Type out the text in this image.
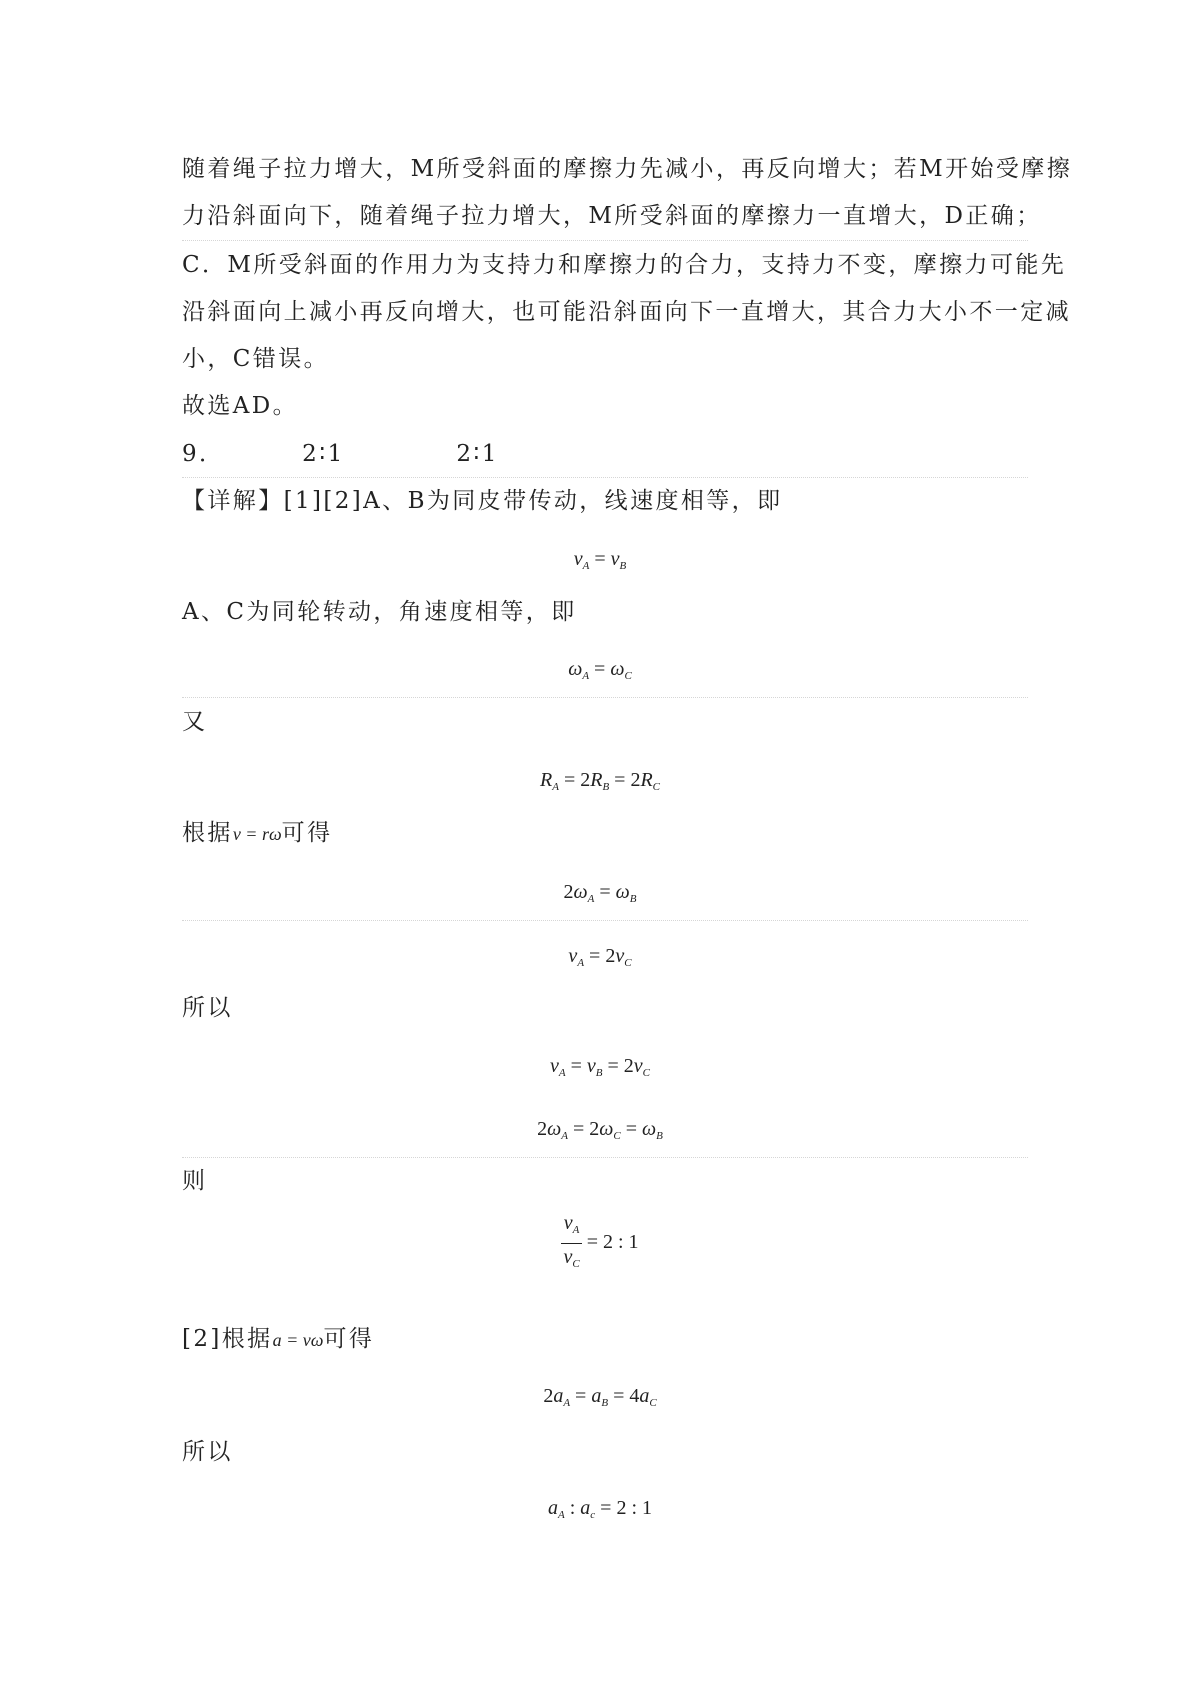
随着绳子拉力增大，M所受斜面的摩擦力先减小，再反向增大；若M开始受摩擦
力沿斜面向下，随着绳子拉力增大，M所受斜面的摩擦力一直增大，D正确；
C．M所受斜面的作用力为支持力和摩擦力的合力，支持力不变，摩擦力可能先
沿斜面向上减小再反向增大，也可能沿斜面向下一直增大，其合力大小不一定减
小，C错误。
故选AD。
9．	2∶1	2∶1
【详解】[1][2]A、B为同皮带传动，线速度相等，即
$v_A = v_B$
A、C为同轮转动，角速度相等，即
$\omega_A = \omega_C$
又
$R_A = 2R_B = 2R_C$
根据v = rω可得
$2\omega_A = \omega_B$
$v_A = 2v_C$
所以
$v_A = v_B = 2v_C$
$2\omega_A = 2\omega_C = \omega_B$
则
$\frac{v_A}{v_C} = 2$ : 1
[2]根据a = vω可得
$2a_A = a_B = 4a_C$
所以
$a_A$ : $a_c = 2$ : 1
